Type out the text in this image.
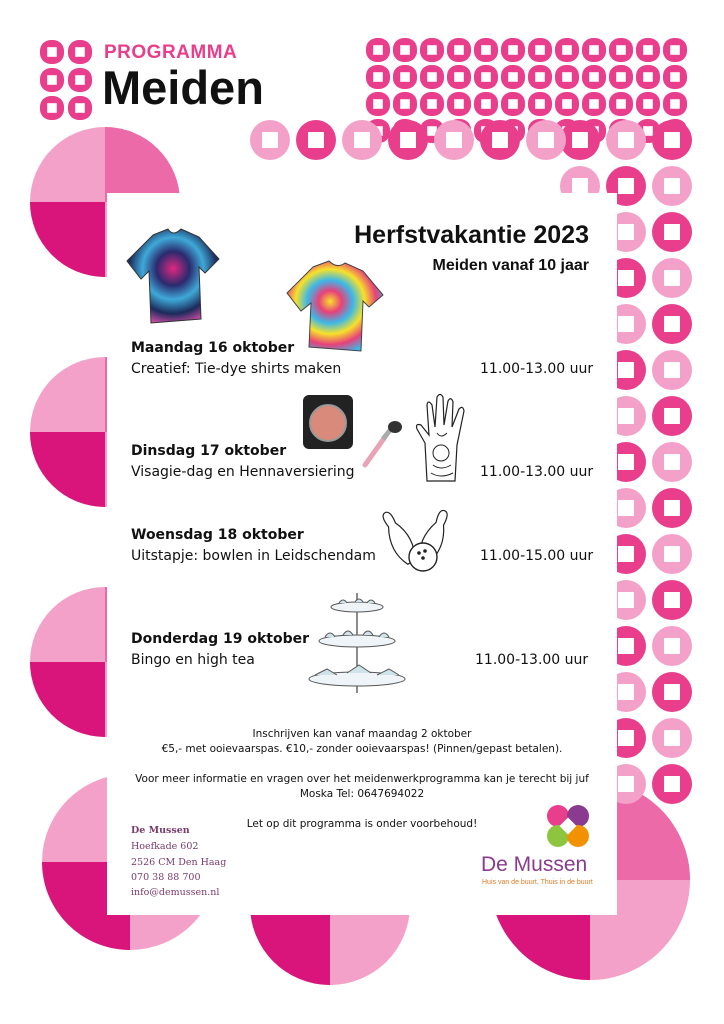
PROGRAMMA
Meiden
Herfstvakantie 2023
Meiden vanaf 10 jaar
Maandag 16 oktober
Creatief: Tie-dye shirts maken	11.00-13.00 uur
Dinsdag 17 oktober
Visagie-dag en Hennaversiering	11.00-13.00 uur
Woensdag 18 oktober
Uitstapje: bowlen in Leidschendam	11.00-15.00 uur
Donderdag 19 oktober
Bingo en high tea	11.00-13.00 uur
Inschrijven kan vanaf maandag 2 oktober
€5,- met ooievaarspas. €10,- zonder ooievaarspas! (Pinnen/gepast betalen).
Voor meer informatie en vragen over het meidenwerkprogramma kan je terecht bij juf
Moska Tel: 0647694022
Let op dit programma is onder voorbehoud!
De Mussen
Hoefkade 602
2526 CM Den Haag
070 38 88 700
info@demussen.nl
De Mussen
Huis van de buurt, Thuis in de buurt
